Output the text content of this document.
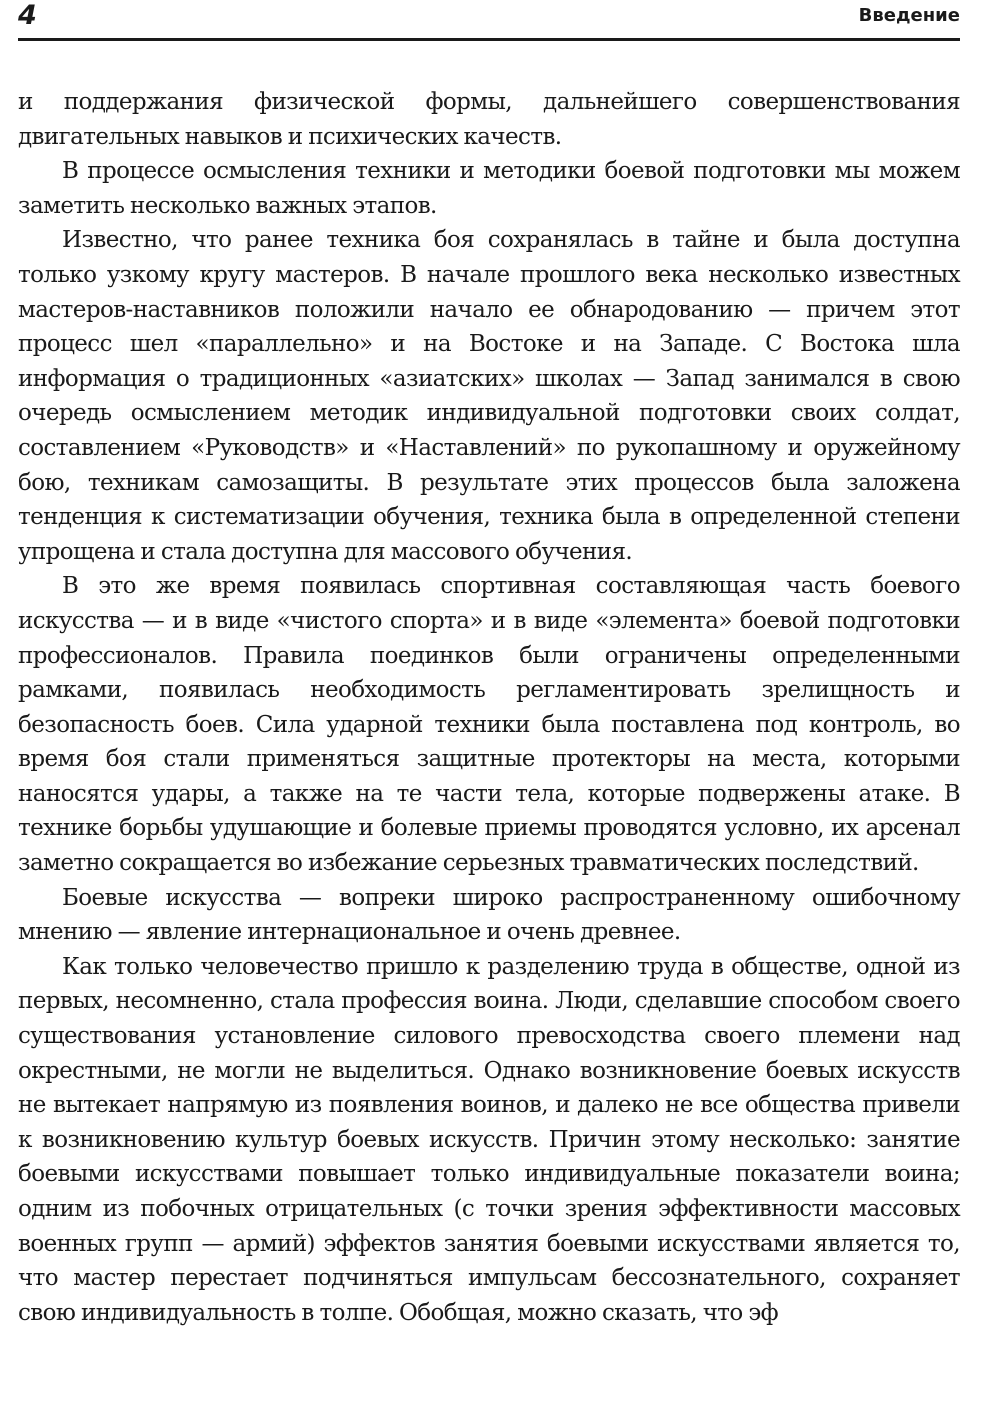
4	Введение

и поддержания физической формы, дальнейшего совершенствования двигательных навыков и психических качеств.

В процессе осмысления техники и методики боевой подготовки мы можем заметить несколько важных этапов.

Известно, что ранее техника боя сохранялась в тайне и была доступна только узкому кругу мастеров. В начале прошлого века несколько известных мастеров-наставников положили начало ее обнародованию — причем этот процесс шел «параллельно» и на Востоке и на Западе. С Востока шла информация о традиционных «азиатских» школах — Запад занимался в свою очередь осмыслением методик индивидуальной подготовки своих солдат, составлением «Руководств» и «Наставлений» по рукопашному и оружейному бою, техникам самозащиты. В результате этих процессов была заложена тенденция к систематизации обучения, техника была в определенной степени упрощена и стала доступна для массового обучения.

В это же время появилась спортивная составляющая часть боевого искусства — и в виде «чистого спорта» и в виде «элемента» боевой подготовки профессионалов. Правила поединков были ограничены определенными рамками, появилась необходимость регламентировать зрелищность и безопасность боев. Сила ударной техники была поставлена под контроль, во время боя стали применяться защитные протекторы на места, которыми наносятся удары, а также на те части тела, которые подвержены атаке. В технике борьбы удушающие и болевые приемы проводятся условно, их арсенал заметно сокращается во избежание серьезных травматических последствий.

Боевые искусства — вопреки широко распространенному ошибочному мнению — явление интернациональное и очень древнее.

Как только человечество пришло к разделению труда в обществе, одной из первых, несомненно, стала профессия воина. Люди, сделавшие способом своего существования установление силового превосходства своего племени над окрестными, не могли не выделиться. Однако возникновение боевых искусств не вытекает напрямую из появления воинов, и далеко не все общества привели к возникновению культур боевых искусств. Причин этому несколько: занятие боевыми искусствами повышает только индивидуальные показатели воина; одним из побочных отрицательных (с точки зрения эффективности массовых военных групп — армий) эффектов занятия боевыми искусствами является то, что мастер перестает подчиняться импульсам бессознательного, сохраняет свою индивидуальность в толпе. Обобщая, можно сказать, что эф
